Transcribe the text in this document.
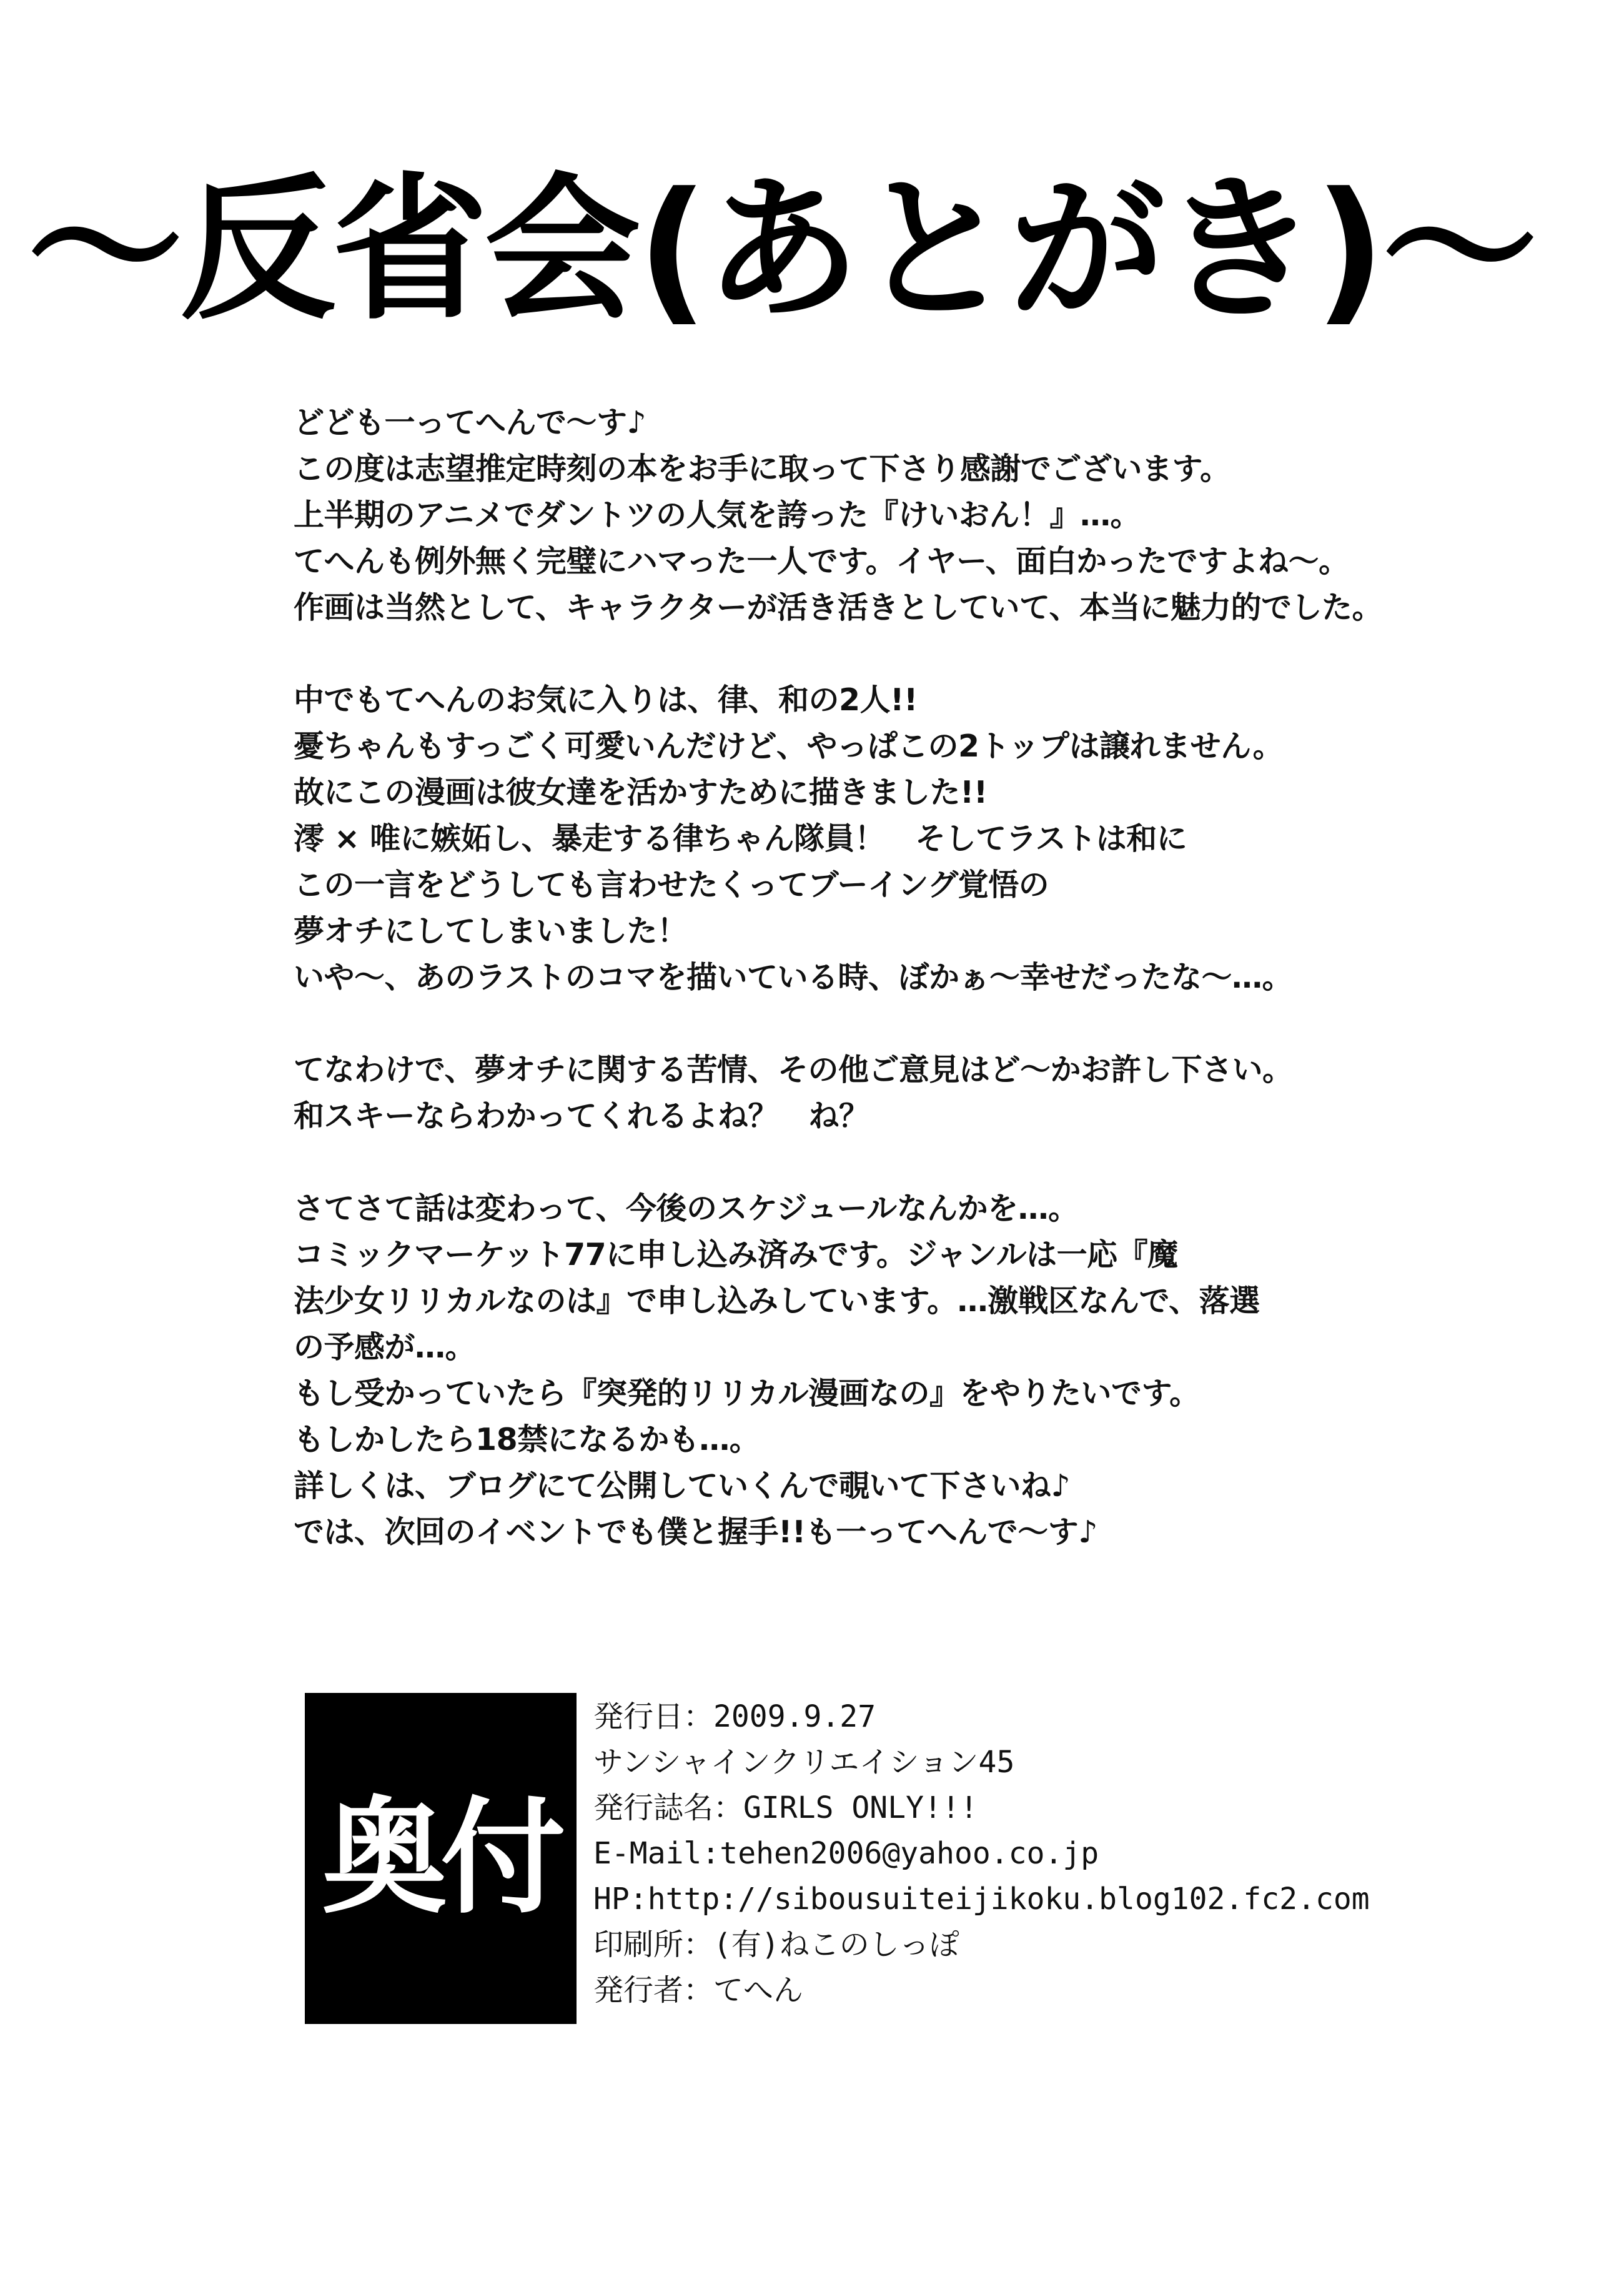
〜反省会(あとがき)〜
どども一ってへんで〜す♪
この度は志望推定時刻の本をお手に取って下さり感謝でございます。
上半期のアニメでダントツの人気を誇った『けいおん！』…。
てへんも例外無く完璧にハマった一人です。イヤー、面白かったですよね〜。
作画は当然として、キャラクターが活き活きとしていて、本当に魅力的でした。
中でもてへんのお気に入りは、律、和の2人!!
憂ちゃんもすっごく可愛いんだけど、やっぱこの2トップは譲れません。
故にこの漫画は彼女達を活かすために描きました!!
澪 × 唯に嫉妬し、暴走する律ちゃん隊員！　そしてラストは和に
この一言をどうしても言わせたくってブーイング覚悟の
夢オチにしてしまいました！
いや〜、あのラストのコマを描いている時、ぼかぁ〜幸せだったな〜…。
てなわけで、夢オチに関する苦情、その他ご意見はど〜かお許し下さい。
和スキーならわかってくれるよね？　ね？
さてさて話は変わって、今後のスケジュールなんかを…。
コミックマーケット77に申し込み済みです。ジャンルは一応『魔
法少女リリカルなのは』で申し込みしています。…激戦区なんで、落選
の予感が…。
もし受かっていたら『突発的リリカル漫画なの』をやりたいです。
もしかしたら18禁になるかも…。
詳しくは、ブログにて公開していくんで覗いて下さいね♪
では、次回のイベントでも僕と握手!!も一ってへんで〜す♪
奥付
発行日：2009.9.27
サンシャインクリエイション45
発行誌名：GIRLS ONLY!!!
E-Mail:tehen2006@yahoo.co.jp
HP:http://sibousuiteijikoku.blog102.fc2.com
印刷所：(有)ねこのしっぽ
発行者：てへん
